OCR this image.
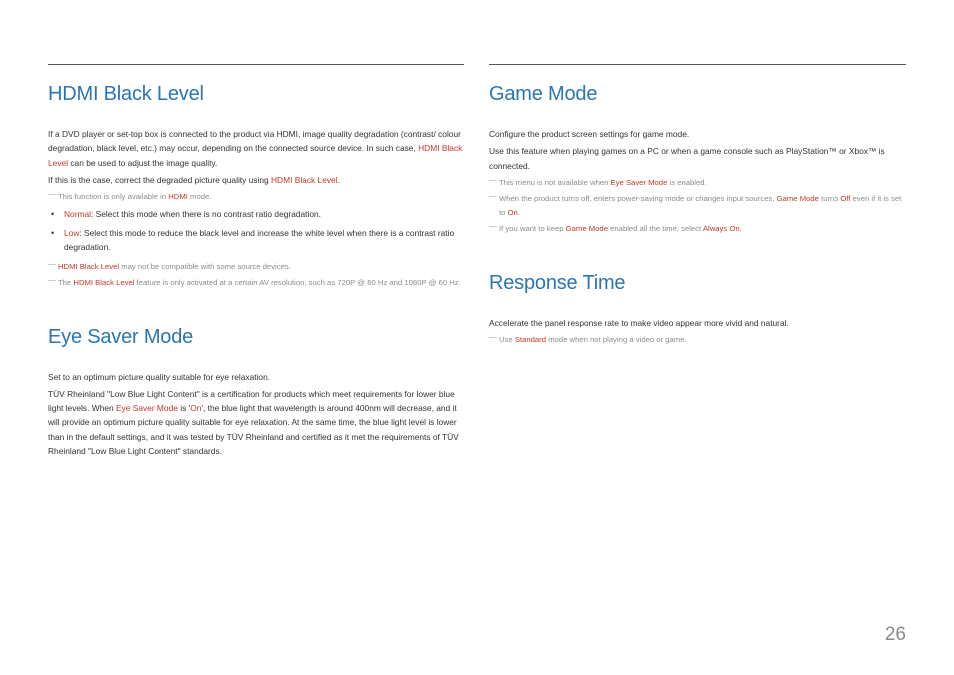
HDMI Black Level

If a DVD player or set-top box is connected to the product via HDMI, image quality degradation (contrast/ colour degradation, black level, etc.) may occur, depending on the connected source device. In such case, HDMI Black Level can be used to adjust the image quality.

If this is the case, correct the degraded picture quality using HDMI Black Level.

― This function is only available in HDMI mode.
• Normal: Select this mode when there is no contrast ratio degradation.
• Low: Select this mode to reduce the black level and increase the white level when there is a contrast ratio degradation.
― HDMI Black Level may not be compatible with some source devices.
― The HDMI Black Level feature is only activated at a certain AV resolution, such as 720P @ 60 Hz and 1080P @ 60 Hz.
Eye Saver Mode

Set to an optimum picture quality suitable for eye relaxation.

TÜV Rheinland "Low Blue Light Content" is a certification for products which meet requirements for lower blue light levels. When Eye Saver Mode is 'On', the blue light that wavelength is around 400nm will decrease, and it will provide an optimum picture quality suitable for eye relaxation. At the same time, the blue light level is lower than in the default settings, and it was tested by TÜV Rheinland and certified as it met the requirements of TÜV Rheinland "Low Blue Light Content" standards.

Game Mode

Configure the product screen settings for game mode.

Use this feature when playing games on a PC or when a game console such as PlayStation™ or Xbox™ is connected.

― This menu is not available when Eye Saver Mode is enabled.
― When the product turns off, enters power-saving mode or changes input sources, Game Mode turns Off even if it is set to On.
― If you want to keep Game Mode enabled all the time, select Always On.
Response Time

Accelerate the panel response rate to make video appear more vivid and natural.

― Use Standard mode when not playing a video or game.
26
